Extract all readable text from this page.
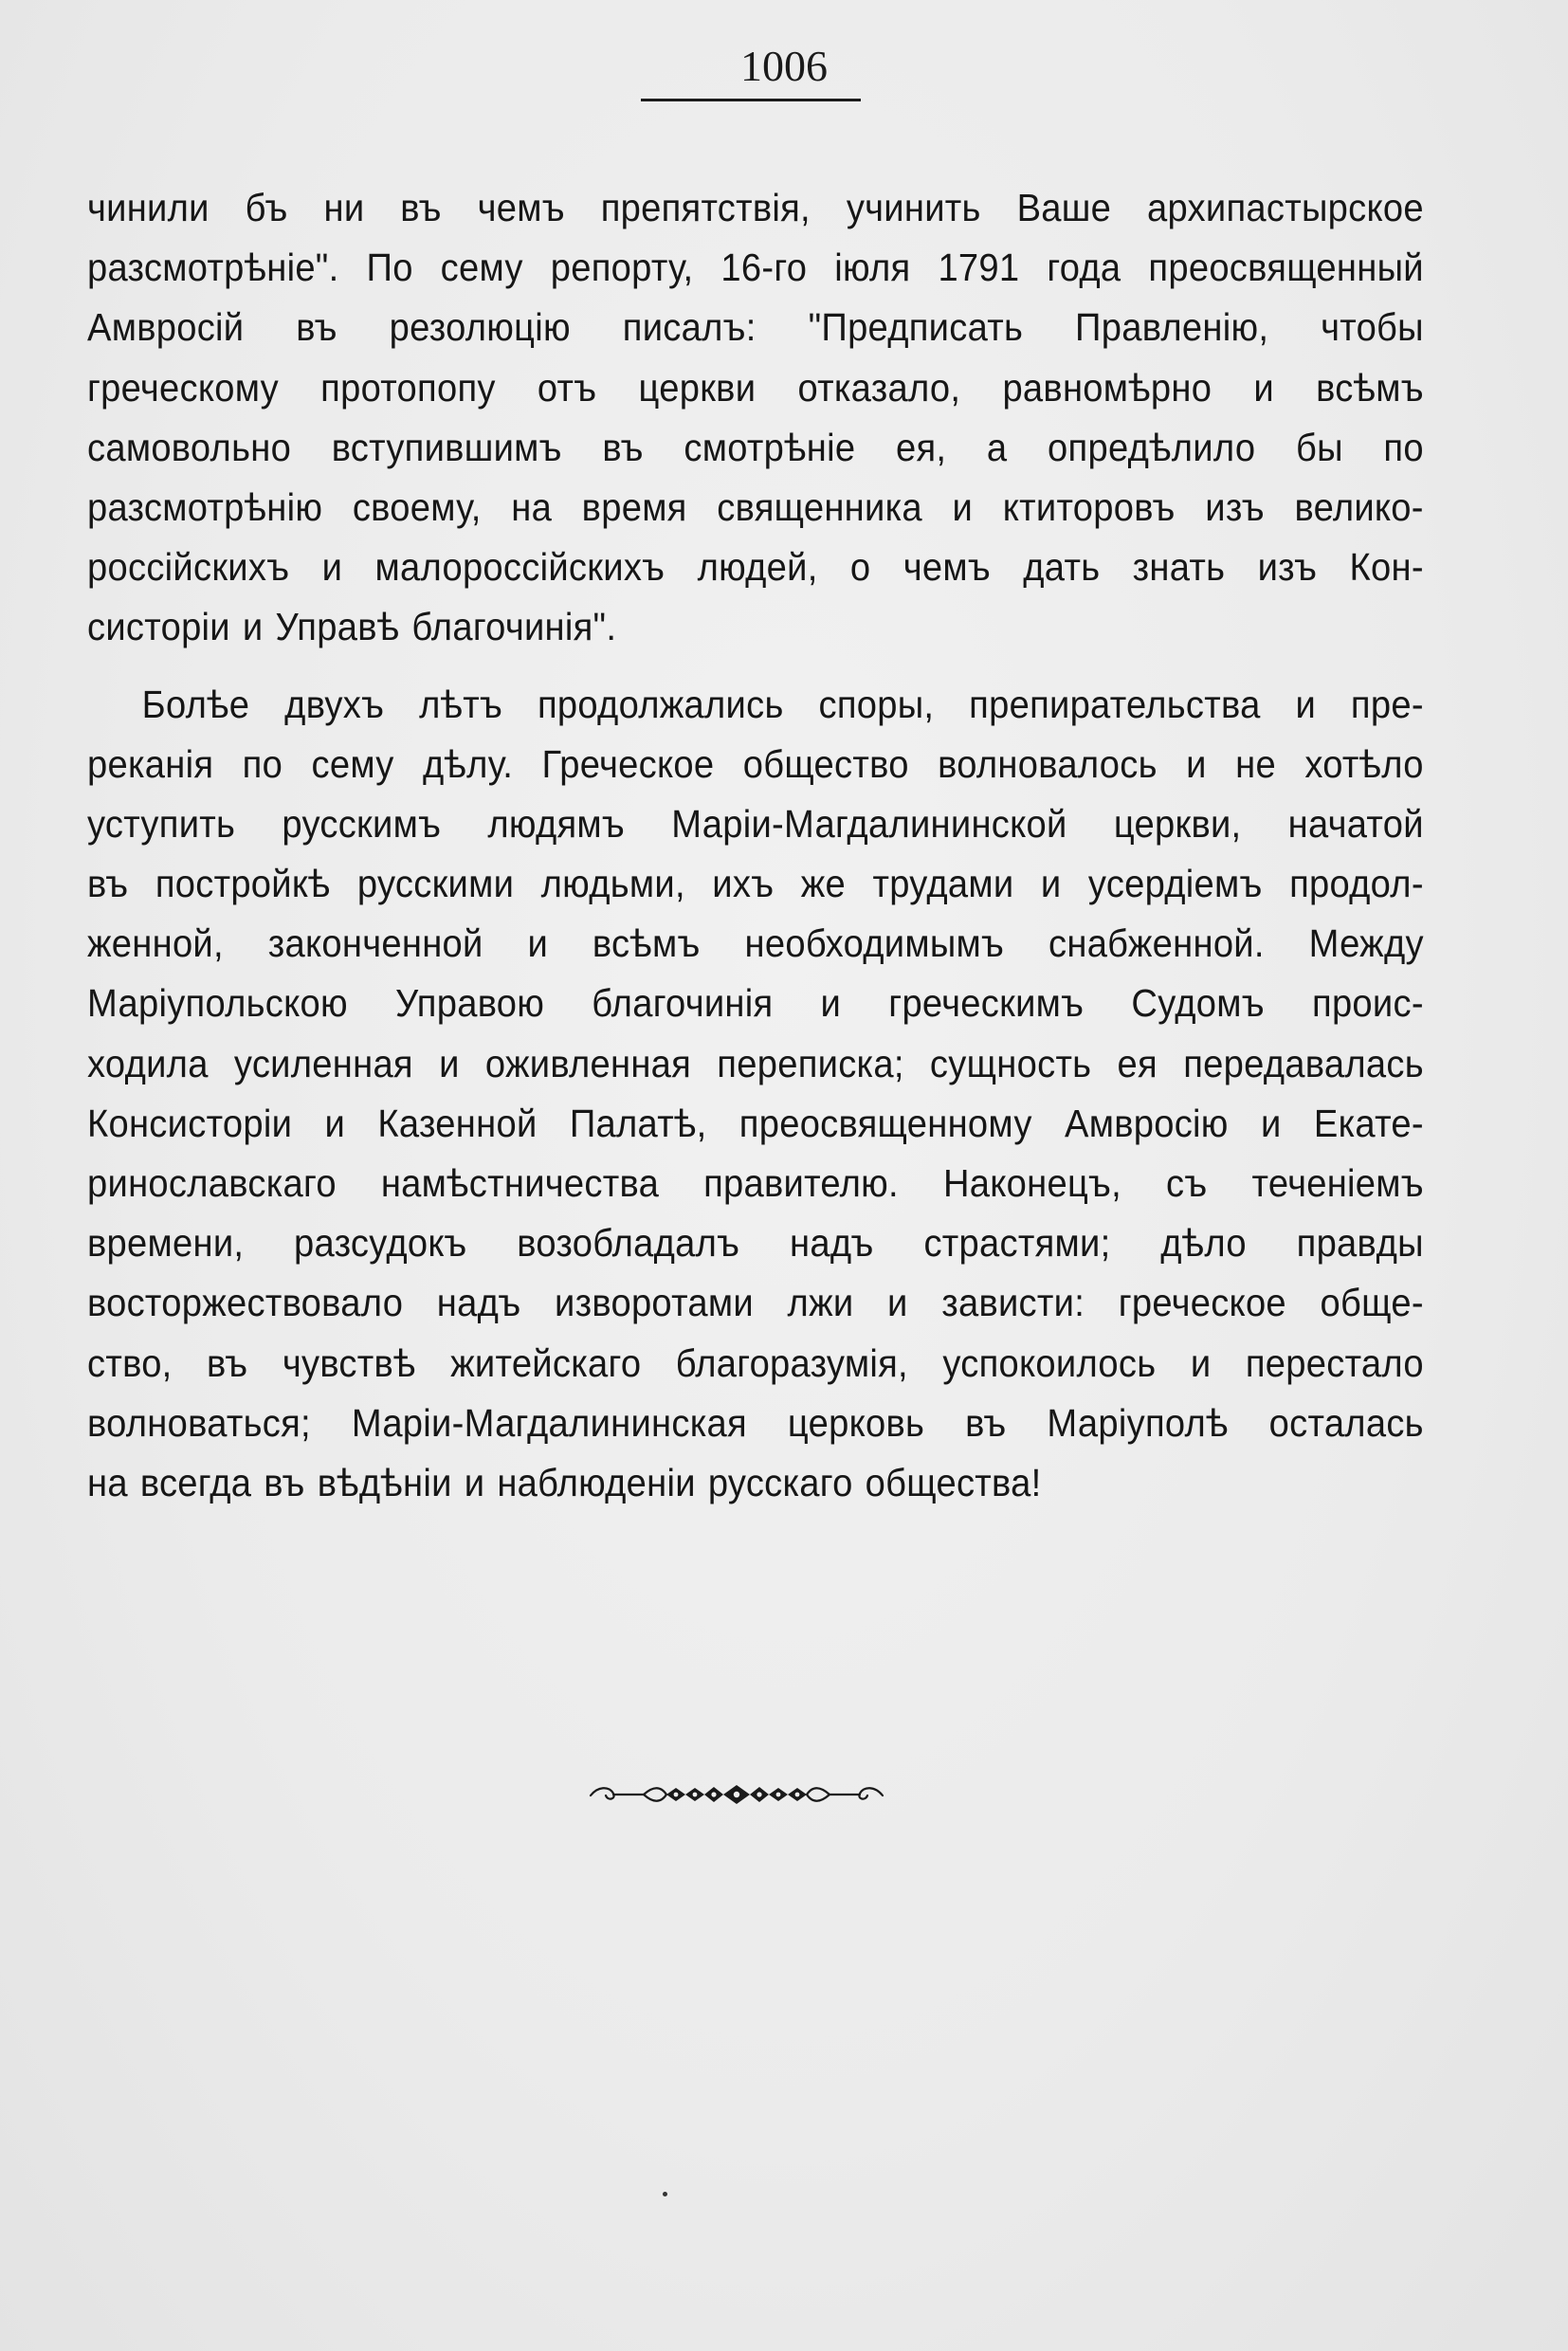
1006
чинили бъ ни въ чемъ препятствія, учинить Ваше архипастырское
разсмотрѣніе". По сему репорту, 16-го іюля 1791 года преосвященный
Амвросій въ резолюцію писалъ: "Предписать Правленію, чтобы
греческому протопопу отъ церкви отказало, равномѣрно и всѣмъ
самовольно вступившимъ въ смотрѣніе ея, а опредѣлило бы по
разсмотрѣнію своему, на время священника и ктиторовъ изъ велико-
россійскихъ и малороссійскихъ людей, о чемъ дать знать изъ Кон-
систоріи и Управѣ благочинія".
Болѣе двухъ лѣтъ продолжались споры, препирательства и пре-
реканія по сему дѣлу. Греческое общество волновалось и не хотѣло
уступить русскимъ людямъ Маріи-Магдалининской церкви, начатой
въ постройкѣ русскими людьми, ихъ же трудами и усердіемъ продол-
женной, законченной и всѣмъ необходимымъ снабженной. Между
Маріупольскою Управою благочинія и греческимъ Судомъ проис-
ходила усиленная и оживленная переписка; сущность ея передавалась
Консисторіи и Казенной Палатѣ, преосвященному Амвросію и Екате-
ринославскаго намѣстничества правителю. Наконецъ, съ теченіемъ
времени, разсудокъ возобладалъ надъ страстями; дѣло правды
восторжествовало надъ изворотами лжи и зависти: греческое обще-
ство, въ чувствѣ житейскаго благоразумія, успокоилось и перестало
волноваться; Маріи-Магдалининская церковь въ Маріуполѣ осталась
на всегда въ вѣдѣніи и наблюденіи русскаго общества!
